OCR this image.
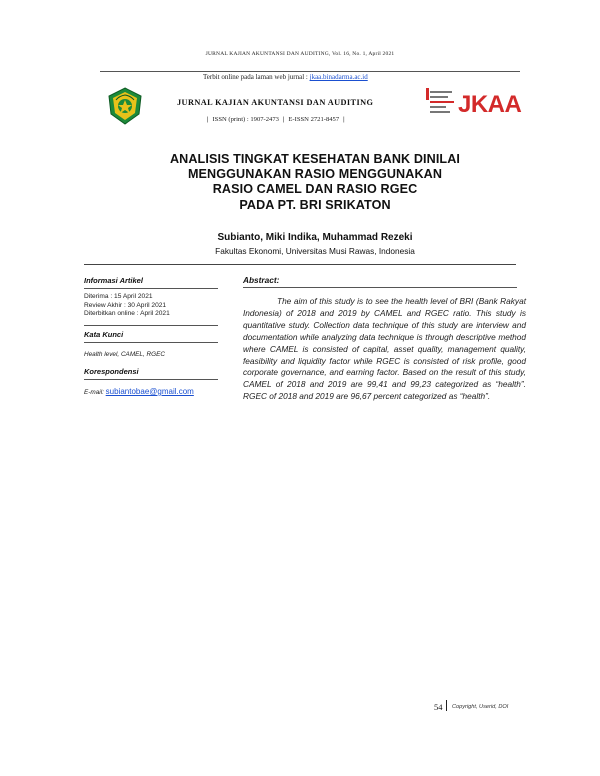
JURNAL KAJIAN AKUNTANSI DAN AUDITING, Vol. 16, No. 1, April 2021
Terbit online pada laman web jurnal : jkaa.binadarma.ac.id
JURNAL KAJIAN AKUNTANSI DAN AUDITING
| ISSN (print) : 1907-2473 | E-ISSN 2721-8457 |
JKAA
ANALISIS TINGKAT KESEHATAN BANK DINILAI
MENGGUNAKAN RASIO MENGGUNAKAN
RASIO CAMEL DAN RASIO RGEC
PADA PT. BRI SRIKATON
Subianto, Miki Indika, Muhammad Rezeki
Fakultas Ekonomi, Universitas Musi Rawas, Indonesia
Informasi Artikel
Diterima : 15 April 2021
Review Akhir : 30 April 2021
Diterbitkan online : April 2021
Kata Kunci
Health level, CAMEL, RGEC
Korespondensi
E-mail: subiantobae@gmail.com
Abstract:
The aim of this study is to see the health level of BRI (Bank Rakyat Indonesia) of 2018 and 2019 by CAMEL and RGEC ratio. This study is quantitative study. Collection data technique of this study are interview and documentation while analyzing data technique is through descriptive method where CAMEL is consisted of capital, asset quality, management quality, feasibility and liquidity factor while RGEC is consisted of risk profile, good corporate governance, and earning factor. Based on the result of this study, CAMEL of 2018 and 2019 are 99,41 and 99,23 categorized as “health”. RGEC of 2018 and 2019 are 96,67 percent categorized as “health”.
54 Copyright, Userid, DOI
